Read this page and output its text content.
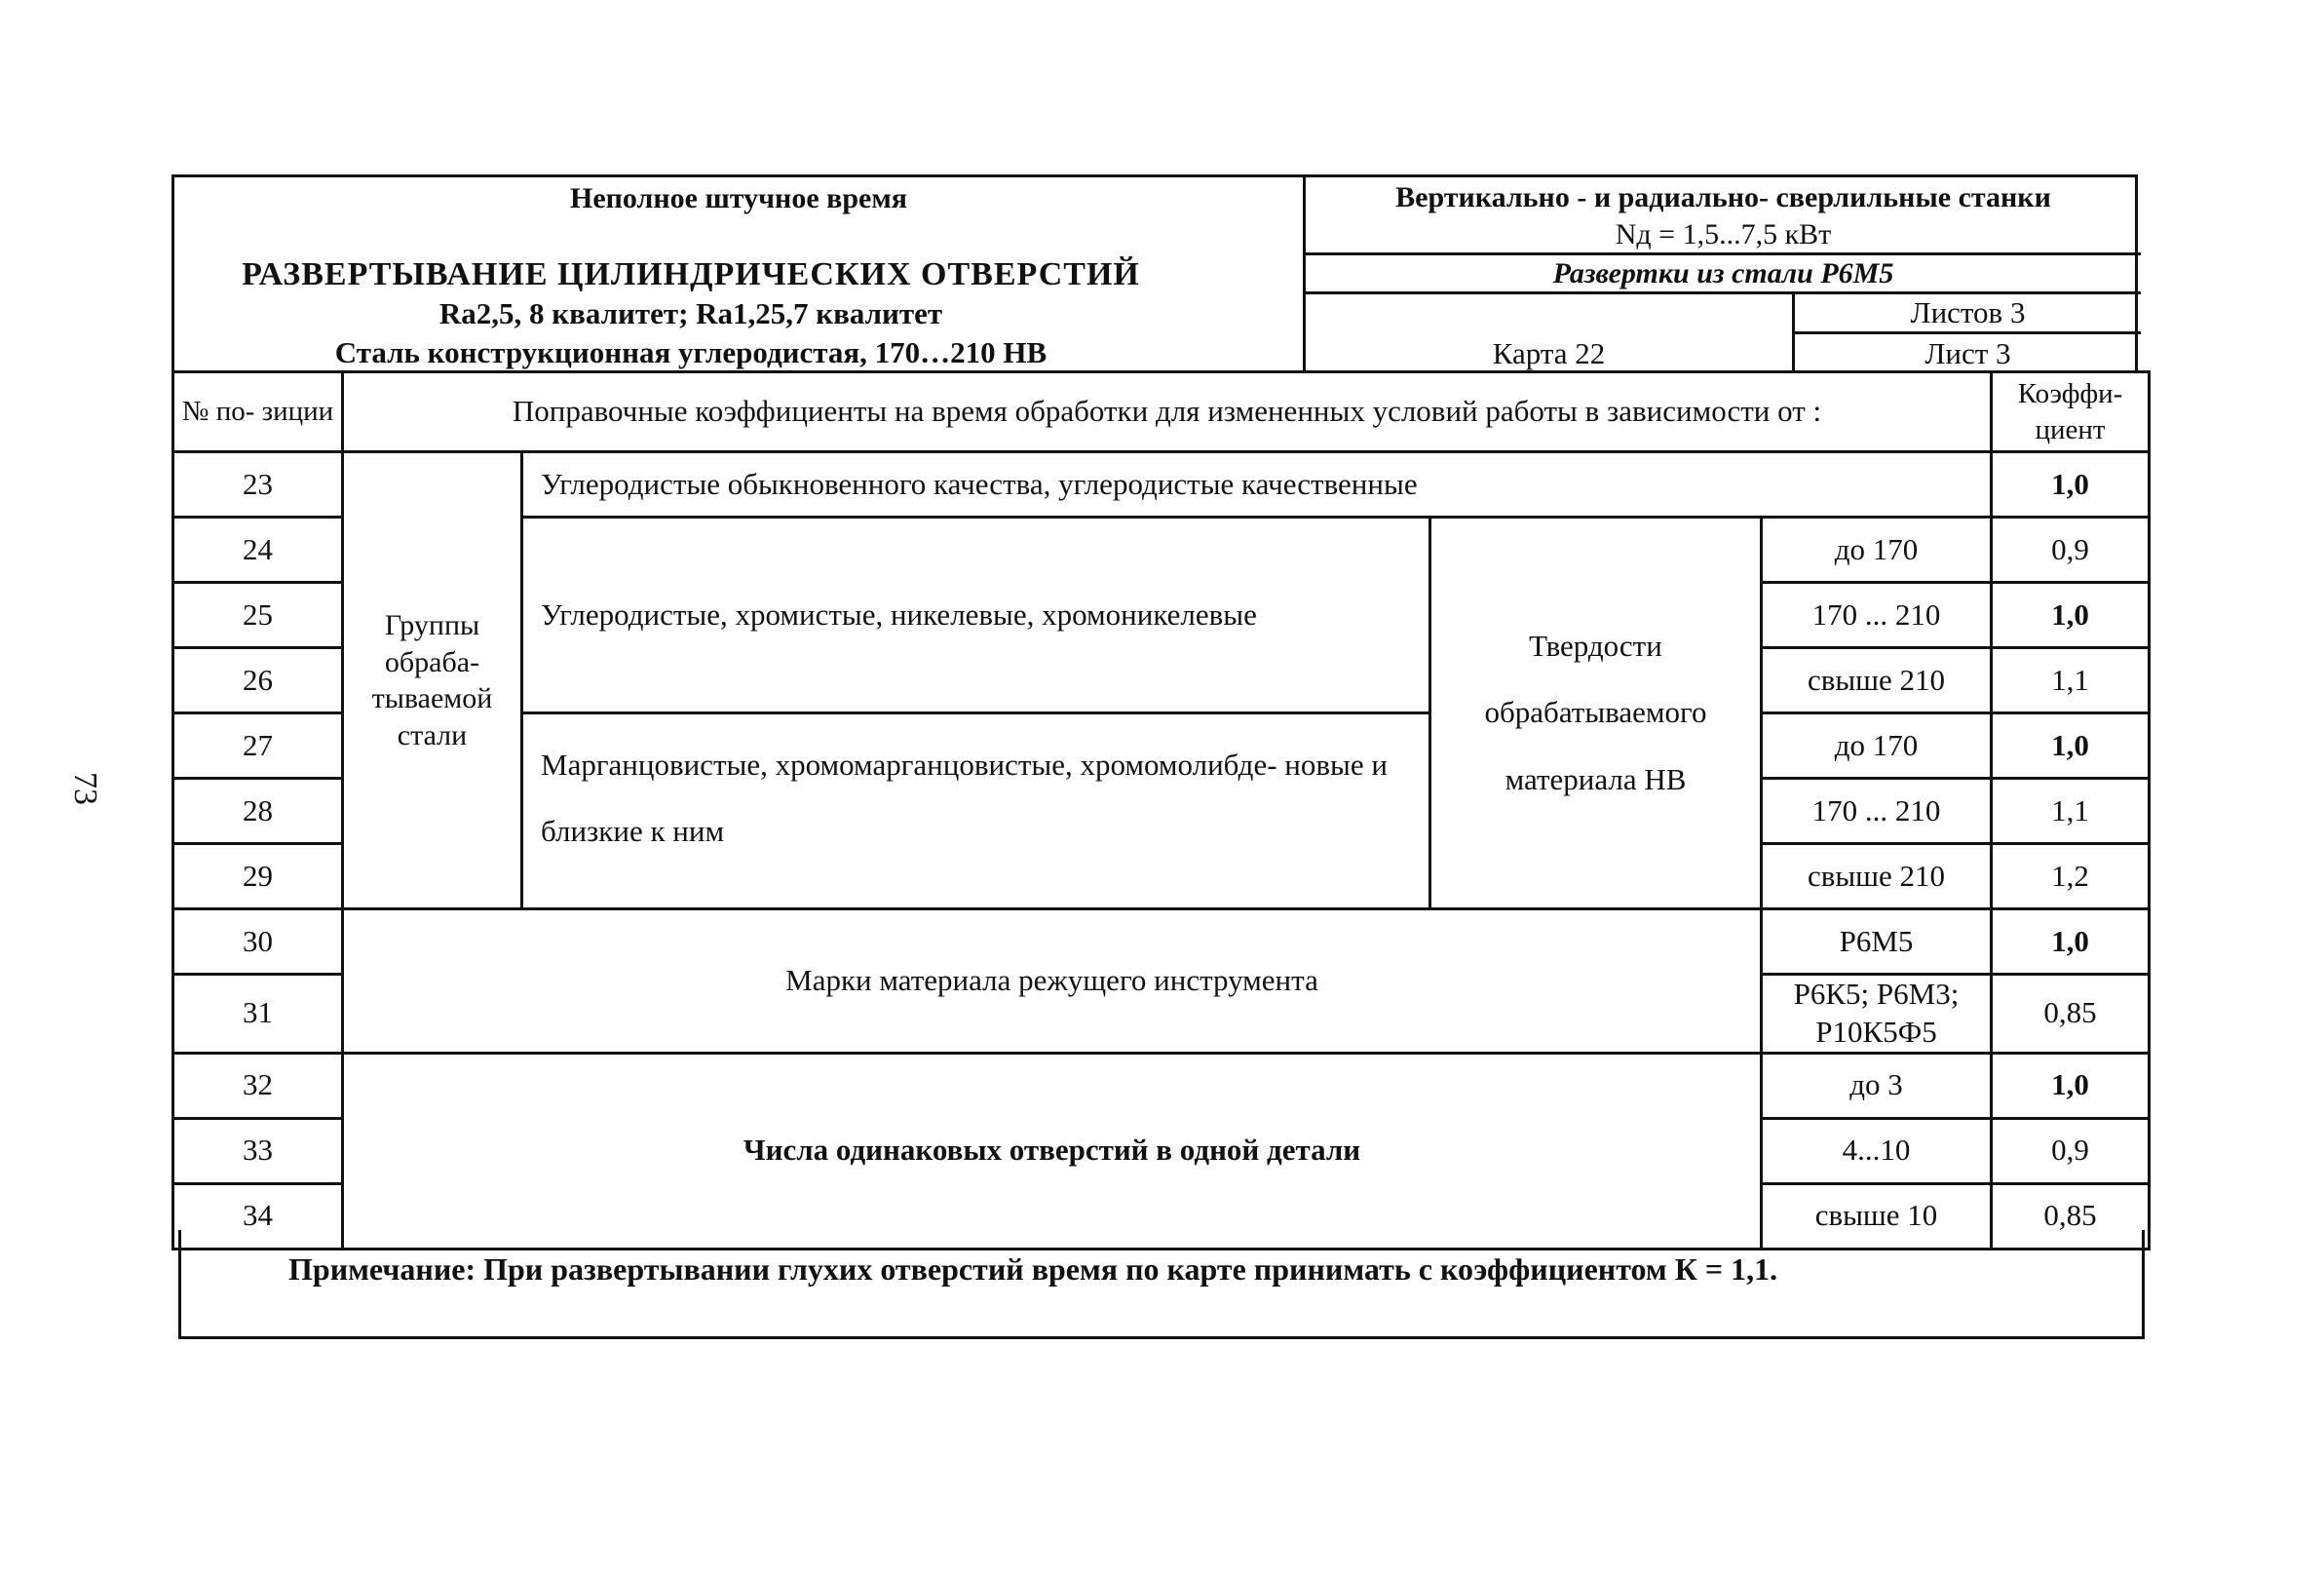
73
Неполное штучное время
РАЗВЕРТЫВАНИЕ ЦИЛИНДРИЧЕСКИХ ОТВЕРСТИЙ
Ra2,5, 8 квалитет; Ra1,25,7 квалитет
Сталь конструкционная углеродистая, 170…210 НВ
Вертикально - и радиально- сверлильные станки
Nд = 1,5...7,5 кВт
Развертки из стали Р6М5
Карта 22
Листов 3
Лист 3
№ по- зиции	Поправочные коэффициенты на время обработки для измененных условий работы в зависимости от :				Коэффи- циент
23	Группы обраба- тываемой стали	Углеродистые обыкновенного качества, углеродистые качественные			1,0
24		Углеродистые, хромистые, никелевые, хромоникелевые	Твердости обрабатываемого материала НВ	до 170	0,9
25				170 ... 210	1,0
26				свыше 210	1,1
27		Марганцовистые, хромомарганцовистые, хромомолибде- новые и близкие к ним		до 170	1,0
28				170 ... 210	1,1
29				свыше 210	1,2
30	Марки материала режущего инструмента			Р6М5	1,0
31				Р6К5; Р6М3; Р10К5Ф5	0,85
32	Числа одинаковых отверстий в одной детали			до 3	1,0
33				4...10	0,9
34				свыше 10	0,85
Примечание: При развертывании глухих отверстий время по карте принимать с коэффициентом К = 1,1.
